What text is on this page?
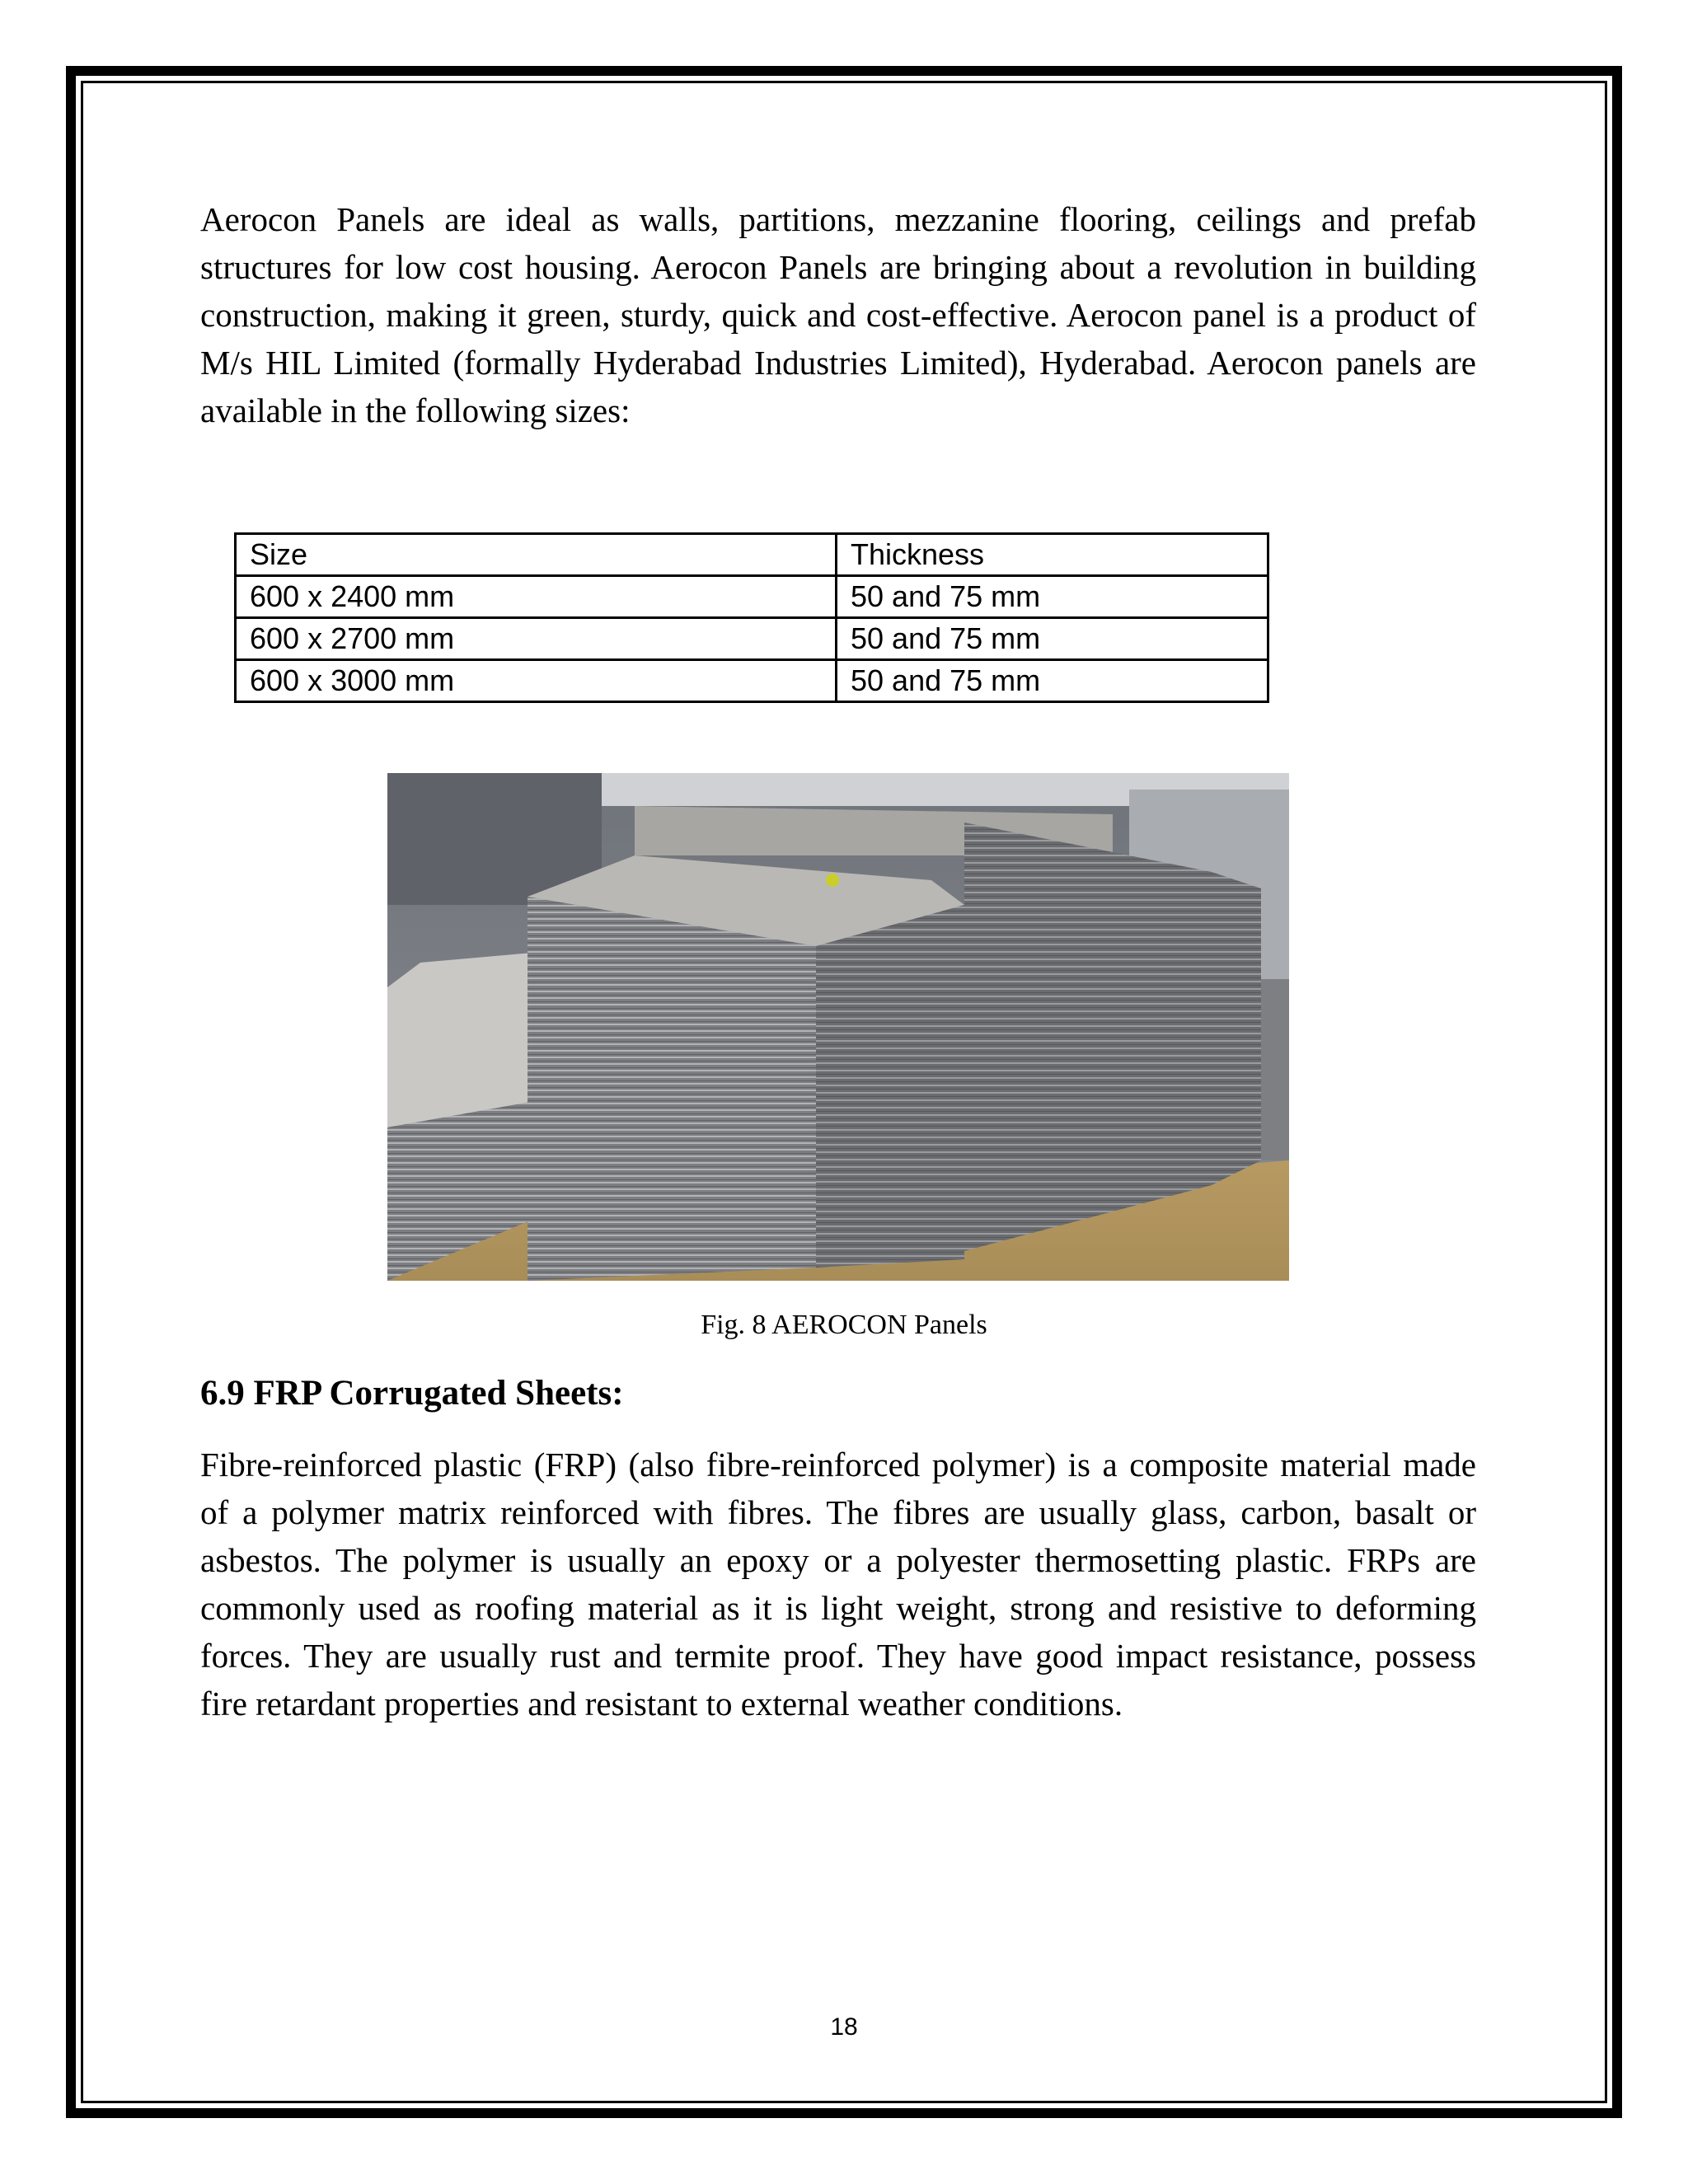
Aerocon Panels are ideal as walls, partitions, mezzanine flooring, ceilings and prefab structures for low cost housing. Aerocon Panels are bringing about a revolution in building construction, making it green, sturdy, quick and cost-effective. Aerocon panel is a product of M/s HIL Limited (formally Hyderabad Industries Limited), Hyderabad. Aerocon panels are available in the following sizes:

Size	Thickness
600 x 2400 mm	50 and 75 mm
600 x 2700 mm	50 and 75 mm
600 x 3000 mm	50 and 75 mm
Fig. 8 AEROCON Panels
6.9 FRP Corrugated Sheets:

Fibre-reinforced plastic (FRP) (also fibre-reinforced polymer) is a composite material made of a polymer matrix reinforced with fibres. The fibres are usually glass, carbon, basalt or asbestos. The polymer is usually an epoxy or a polyester thermosetting plastic. FRPs are commonly used as roofing material as it is light weight, strong and resistive to deforming forces. They are usually rust and termite proof. They have good impact resistance, possess fire retardant properties and resistant to external weather conditions.

18
